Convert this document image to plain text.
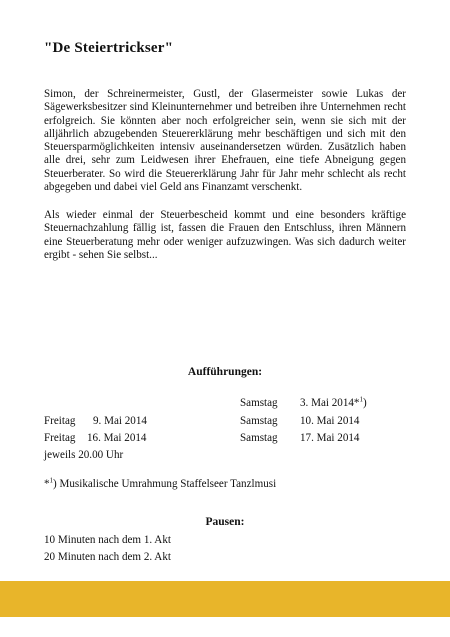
"De Steiertrickser"
Simon, der Schreinermeister, Gustl, der Glasermeister sowie Lukas der Sägewerksbesitzer sind Kleinunternehmer und betreiben ihre Unternehmen recht erfolgreich. Sie könnten aber noch erfolgreicher sein, wenn sie sich mit der alljährlich abzugebenden Steuererklärung mehr beschäftigen und sich mit den Steuersparmöglichkeiten intensiv auseinandersetzen würden. Zusätzlich haben alle drei, sehr zum Leidwesen ihrer Ehefrauen, eine tiefe Abneigung gegen Steuerberater. So wird die Steuererklärung Jahr für Jahr mehr schlecht als recht abgegeben und dabei viel Geld ans Finanzamt verschenkt.
Als wieder einmal der Steuerbescheid kommt und eine besonders kräftige Steuernachzahlung fällig ist, fassen die Frauen den Entschluss, ihren Männern eine Steuerberatung mehr oder weniger aufzuzwingen. Was sich dadurch weiter ergibt - sehen Sie selbst...
Aufführungen:
Samstag 3. Mai 2014*$^1$)
Freitag 9. Mai 2014	Samstag 10. Mai 2014
Freitag 16. Mai 2014	Samstag 17. Mai 2014
jeweils 20.00 Uhr
*$^1$) Musikalische Umrahmung Staffelseer Tanzlmusi
Pausen:
10 Minuten nach dem 1. Akt
20 Minuten nach dem 2. Akt
